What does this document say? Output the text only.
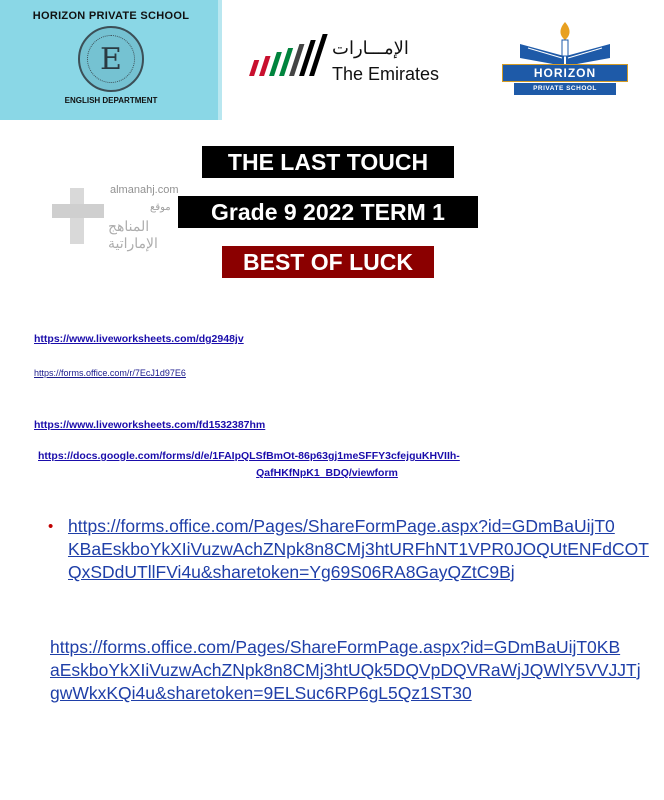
HORIZON PRIVATE SCHOOL
E
ENGLISH DEPARTMENT
الإمـــارات
The Emirates	HORIZON
PRIVATE SCHOOL
almanahj.com
موقع
المناهج الإماراتية
THE LAST TOUCH
Grade 9 2022 TERM 1
BEST OF LUCK
https://www.liveworksheets.com/dg2948jv
https://forms.office.com/r/7EcJ1d97E6
https://www.liveworksheets.com/fd1532387hm
https://docs.google.com/forms/d/e/1FAIpQLSfBmOt-86p63gj1meSFFY3cfejguKHVIIh-
QafHKfNpK1_BDQ/viewform
• https://forms.office.com/Pages/ShareFormPage.aspx?id=GDmBaUijT0
KBaEskboYkXIiVuzwAchZNpk8n8CMj3htURFhNT1VPR0JOQUtENFdCOT
QxSDdUTllFVi4u&sharetoken=Yg69S06RA8GayQZtC9Bj
https://forms.office.com/Pages/ShareFormPage.aspx?id=GDmBaUijT0KB
aEskboYkXIiVuzwAchZNpk8n8CMj3htUQk5DQVpDQVRaWjJQWlY5VVJJTj
gwWkxKQi4u&sharetoken=9ELSuc6RP6gL5Qz1ST30
